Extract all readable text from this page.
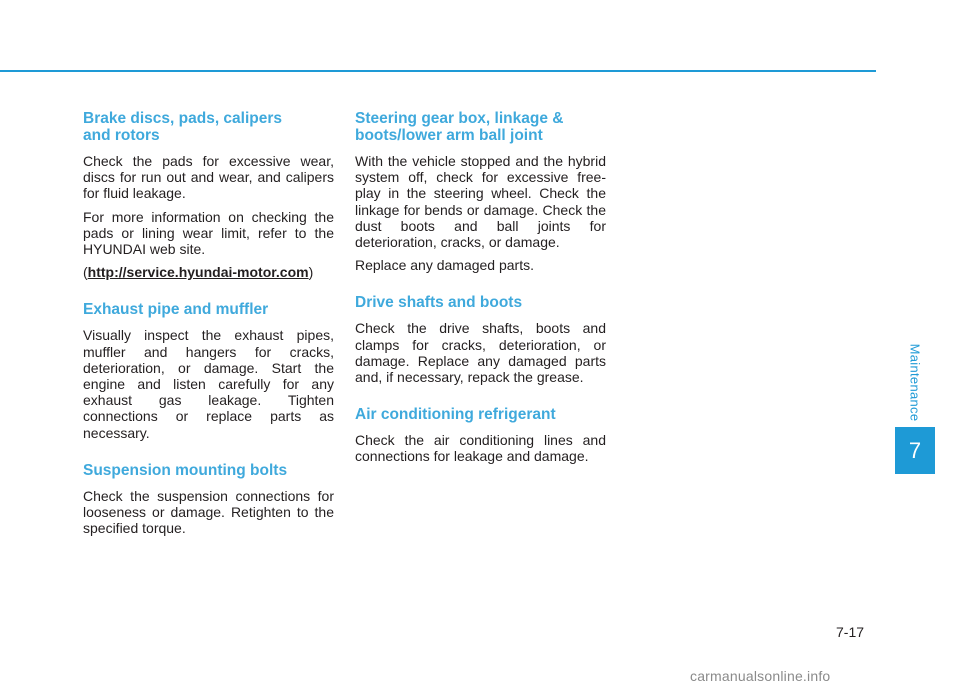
Brake discs, pads, calipers
and rotors

Check the pads for excessive wear, discs for run out and wear, and calipers for fluid leakage.

For more information on checking the pads or lining wear limit, refer to the HYUNDAI web site.

(http://service.hyundai-motor.com)

Exhaust pipe and muffler

Visually inspect the exhaust pipes, muffler and hangers for cracks, deterioration, or damage. Start the engine and listen carefully for any exhaust gas leakage. Tighten connections or replace parts as necessary.

Suspension mounting bolts

Check the suspension connections for looseness or damage. Retighten to the specified torque.

Steering gear box, linkage &
boots/lower arm ball joint

With the vehicle stopped and the hybrid system off, check for excessive free-play in the steering wheel. Check the linkage for bends or damage. Check the dust boots and ball joints for deterioration, cracks, or damage.

Replace any damaged parts.

Drive shafts and boots

Check the drive shafts, boots and clamps for cracks, deterioration, or damage. Replace any damaged parts and, if necessary, repack the grease.

Air conditioning refrigerant

Check the air conditioning lines and connections for leakage and damage.

Maintenance
7
7-17
carmanualsonline.info
